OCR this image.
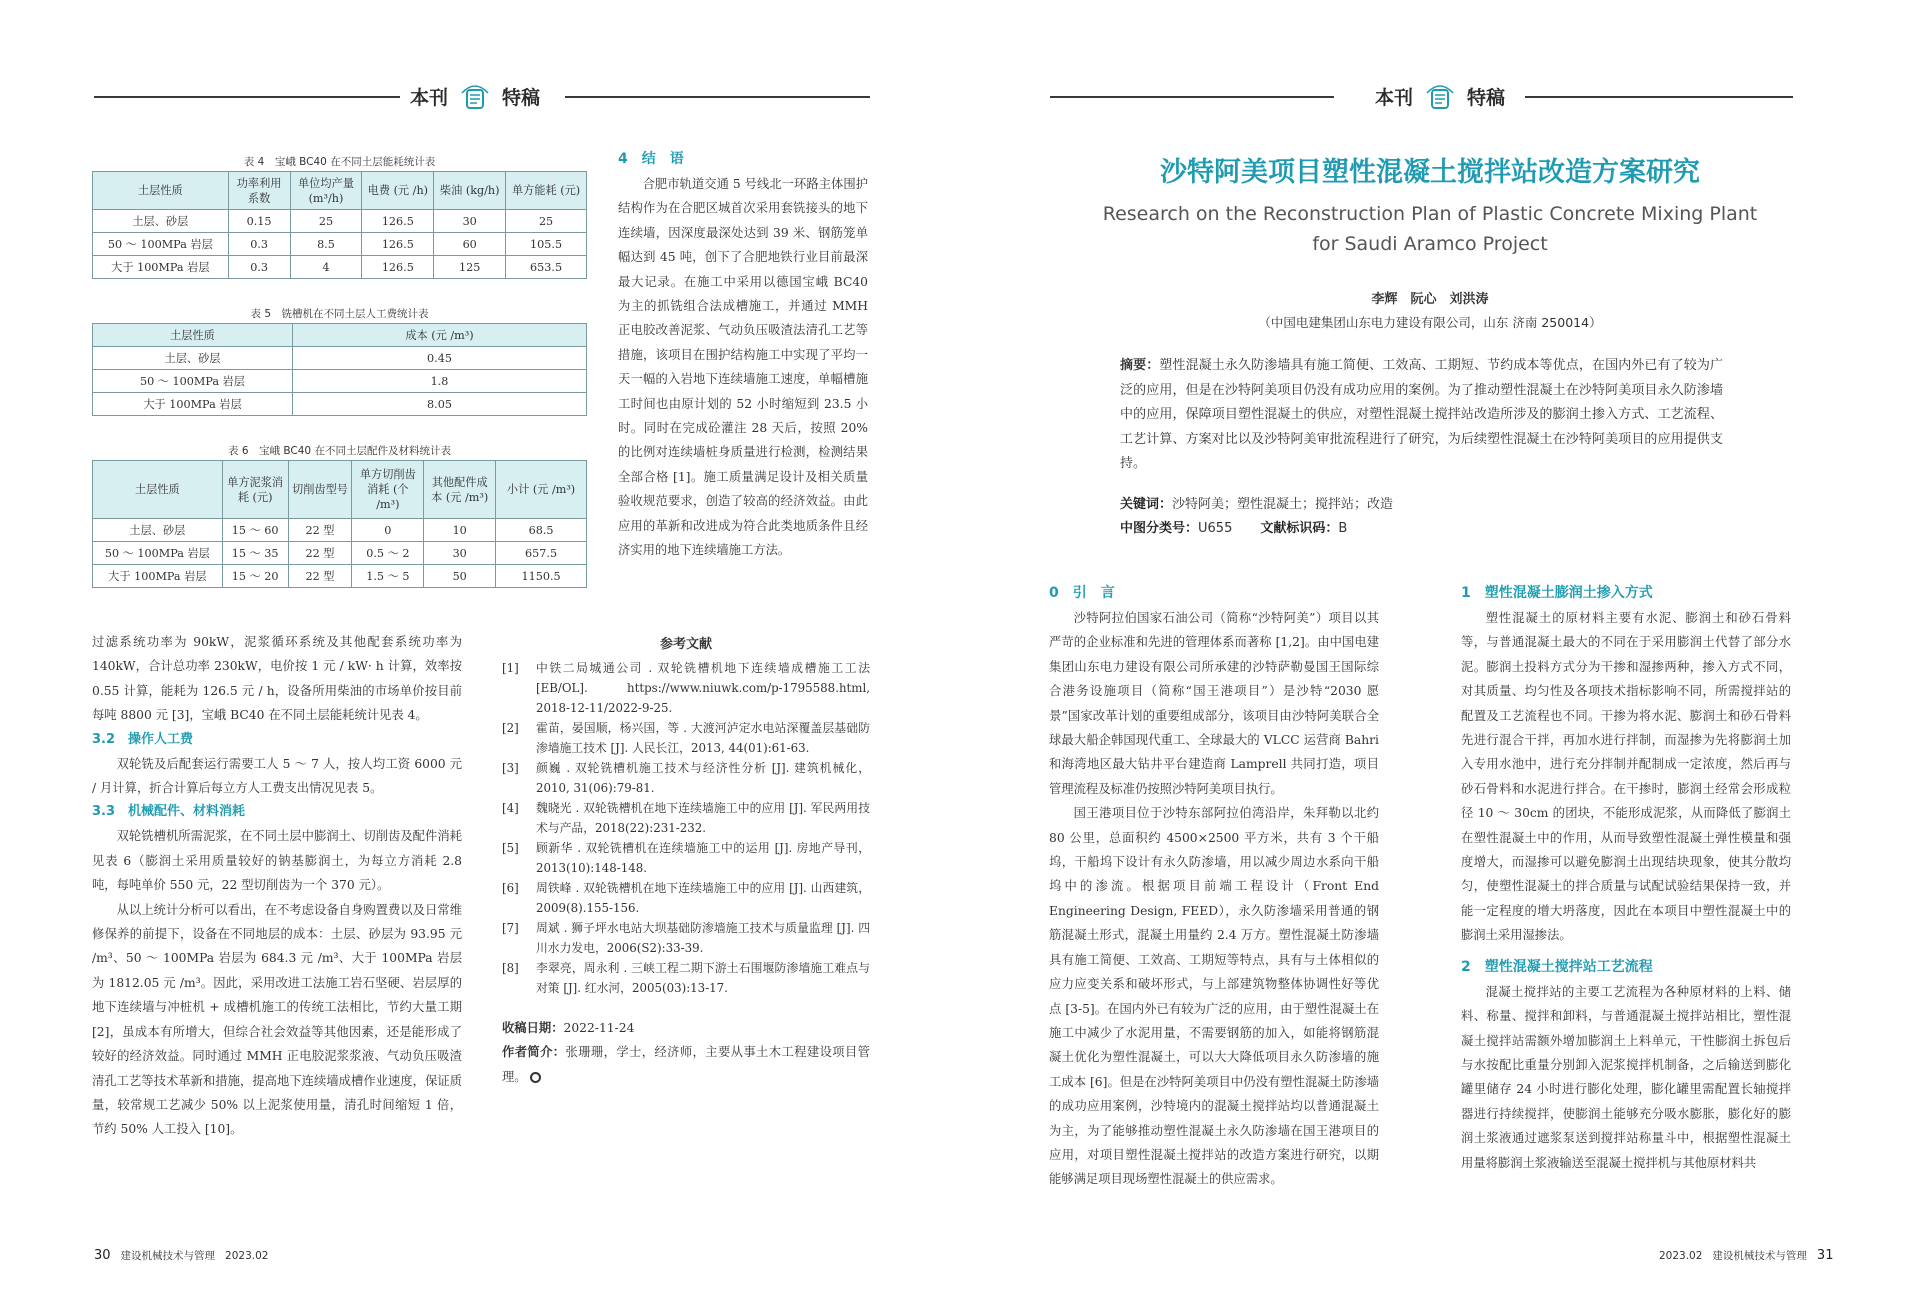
本刊	特稿
表 4　宝峨 BC40 在不同土层能耗统计表
土层性质	功率利用系数	单位均产量 (m³/h)	电费 (元 /h)	柴油 (kg/h)	单方能耗 (元)
土层、砂层	0.15	25	126.5	30	25
50 ～ 100MPa 岩层	0.3	8.5	126.5	60	105.5
大于 100MPa 岩层	0.3	4	126.5	125	653.5
表 5　铣槽机在不同土层人工费统计表
土层性质	成本 (元 /m³)
土层、砂层	0.45
50 ～ 100MPa 岩层	1.8
大于 100MPa 岩层	8.05
表 6　宝峨 BC40 在不同土层配件及材料统计表
土层性质	单方泥浆消耗 (元)	切削齿型号	单方切削齿消耗 (个 /m³)	其他配件成本 (元 /m³)	小计 (元 /m³)
土层、砂层	15 ～ 60	22 型	0	10	68.5
50 ～ 100MPa 岩层	15 ～ 35	22 型	0.5 ～ 2	30	657.5
大于 100MPa 岩层	15 ～ 20	22 型	1.5 ～ 5	50	1150.5

过滤系统功率为 90kW，泥浆循环系统及其他配套系统功率为 140kW，合计总功率 230kW，电价按 1 元 / kW· h 计算，效率按 0.55 计算，能耗为 126.5 元 / h，设备所用柴油的市场单价按目前每吨 8800 元 [3]，宝峨 BC40 在不同土层能耗统计见表 4。

3.2　操作人工费

双轮铣及后配套运行需要工人 5 ～ 7 人，按人均工资 6000 元 / 月计算，折合计算后每立方人工费支出情况见表 5。

3.3　机械配件、材料消耗

双轮铣槽机所需泥浆，在不同土层中膨润土、切削齿及配件消耗见表 6（膨润土采用质量较好的钠基膨润土，为每立方消耗 2.8 吨，每吨单价 550 元，22 型切削齿为一个 370 元）。

从以上统计分析可以看出，在不考虑设备自身购置费以及日常维修保养的前提下，设备在不同地层的成本：土层、砂层为 93.95 元 /m³、50 ～ 100MPa 岩层为 684.3 元 /m³、大于 100MPa 岩层为 1812.05 元 /m³。因此，采用改进工法施工岩石坚硬、岩层厚的地下连续墙与冲桩机 + 成槽机施工的传统工法相比，节约大量工期 [2]，虽成本有所增大，但综合社会效益等其他因素，还是能形成了较好的经济效益。同时通过 MMH 正电胶泥浆浆液、气动负压吸渣清孔工艺等技术革新和措施，提高地下连续墙成槽作业速度，保证质量，较常规工艺减少 50% 以上泥浆使用量，清孔时间缩短 1 倍，节约 50% 人工投入 [10]。

4　结　语

合肥市轨道交通 5 号线北一环路主体围护结构作为在合肥区城首次采用套铣接头的地下连续墙，因深度最深处达到 39 米、钢筋笼单幅达到 45 吨，创下了合肥地铁行业目前最深最大记录。在施工中采用以德国宝峨 BC40 为主的抓铣组合法成槽施工，并通过 MMH 正电胶改善泥浆、气动负压吸渣法清孔工艺等措施，该项目在围护结构施工中实现了平均一天一幅的入岩地下连续墙施工速度，单幅槽施工时间也由原计划的 52 小时缩短到 23.5 小时。同时在完成砼灌注 28 天后，按照 20% 的比例对连续墙桩身质量进行检测，检测结果全部合格 [1]。施工质量满足设计及相关质量验收规范要求，创造了较高的经济效益。由此应用的革新和改进成为符合此类地质条件且经济实用的地下连续墙施工方法。

参考文献
[1]	中铁二局城通公司 . 双轮铣槽机地下连续墙成槽施工工法 [EB/OL]. https://www.niuwk.com/p-1795588.html, 2018-12-11/2022-9-25.
[2]	霍苗，晏国顺，杨兴国，等 . 大渡河泸定水电站深覆盖层基础防渗墙施工技术 [J]. 人民长江，2013, 44(01):61-63.
[3]	颜巍 . 双轮铣槽机施工技术与经济性分析 [J]. 建筑机械化，2010, 31(06):79-81.
[4]	魏晓光 . 双轮铣槽机在地下连续墙施工中的应用 [J]. 军民两用技术与产品，2018(22):231-232.
[5]	顾新华 . 双轮铣槽机在连续墙施工中的运用 [J]. 房地产导刊，2013(10):148-148.
[6]	周铁峰 . 双轮铣槽机在地下连续墙施工中的应用 [J]. 山西建筑，2009(8).155-156.
[7]	周斌 . 狮子坪水电站大坝基础防渗墙施工技术与质量监理 [J]. 四川水力发电，2006(S2):33-39.
[8]	李翠亮，周永利 . 三峡工程二期下游土石围堰防渗墙施工难点与对策 [J]. 红水河，2005(03):13-17.

收稿日期：2022-11-24

作者简介：张珊珊，学士，经济师，主要从事土木工程建设项目管理。

30 建设机械技术与管理 2023.02
本刊	特稿
沙特阿美项目塑性混凝土搅拌站改造方案研究
Research on the Reconstruction Plan of Plastic Concrete Mixing Plant
for Saudi Aramco Project
李辉　阮心　刘洪涛
（中国电建集团山东电力建设有限公司，山东 济南 250014）

摘要：塑性混凝土永久防渗墙具有施工简便、工效高、工期短、节约成本等优点，在国内外已有了较为广泛的应用，但是在沙特阿美项目仍没有成功应用的案例。为了推动塑性混凝土在沙特阿美项目永久防渗墙中的应用，保障项目塑性混凝土的供应，对塑性混凝土搅拌站改造所涉及的膨润土掺入方式、工艺流程、工艺计算、方案对比以及沙特阿美审批流程进行了研究，为后续塑性混凝土在沙特阿美项目的应用提供支持。

关键词：沙特阿美；塑性混凝土；搅拌站；改造

中图分类号：U655 文献标识码：B

0　引　言

沙特阿拉伯国家石油公司（简称“沙特阿美”）项目以其严苛的企业标准和先进的管理体系而著称 [1,2]。由中国电建集团山东电力建设有限公司所承建的沙特萨勒曼国王国际综合港务设施项目（简称“国王港项目”）是沙特“2030 愿景”国家改革计划的重要组成部分，该项目由沙特阿美联合全球最大船企韩国现代重工、全球最大的 VLCC 运营商 Bahri 和海湾地区最大钻井平台建造商 Lamprell 共同打造，项目管理流程及标准仍按照沙特阿美项目执行。

国王港项目位于沙特东部阿拉伯湾沿岸，朱拜勒以北约 80 公里，总面积约 4500×2500 平方米，共有 3 个干船坞，干船坞下设计有永久防渗墙，用以减少周边水系向干船坞中的渗流。根据项目前端工程设计（Front End Engineering Design, FEED），永久防渗墙采用普通的钢筋混凝土形式，混凝土用量约 2.4 万方。塑性混凝土防渗墙具有施工简便、工效高、工期短等特点，具有与土体相似的应力应变关系和破坏形式，与上部建筑物整体协调性好等优点 [3-5]。在国内外已有较为广泛的应用，由于塑性混凝土在施工中减少了水泥用量，不需要钢筋的加入，如能将钢筋混凝土优化为塑性混凝土，可以大大降低项目永久防渗墙的施工成本 [6]。但是在沙特阿美项目中仍没有塑性混凝土防渗墙的成功应用案例，沙特境内的混凝土搅拌站均以普通混凝土为主，为了能够推动塑性混凝土永久防渗墙在国王港项目的应用，对项目塑性混凝土搅拌站的改造方案进行研究，以期能够满足项目现场塑性混凝土的供应需求。

1　塑性混凝土膨润土掺入方式

塑性混凝土的原材料主要有水泥、膨润土和砂石骨料等，与普通混凝土最大的不同在于采用膨润土代替了部分水泥。膨润土投料方式分为干掺和湿掺两种，掺入方式不同，对其质量、均匀性及各项技术指标影响不同，所需搅拌站的配置及工艺流程也不同。干掺为将水泥、膨润土和砂石骨料先进行混合干拌，再加水进行拌制，而湿掺为先将膨润土加入专用水池中，进行充分拌制并配制成一定浓度，然后再与砂石骨料和水泥进行拌合。在干掺时，膨润土经常会形成粒径 10 ～ 30cm 的团块，不能形成泥浆，从而降低了膨润土在塑性混凝土中的作用，从而导致塑性混凝土弹性模量和强度增大，而湿掺可以避免膨润土出现结块现象，使其分散均匀，使塑性混凝土的拌合质量与试配试验结果保持一致，并能一定程度的增大坍落度，因此在本项目中塑性混凝土中的膨润土采用湿掺法。

2　塑性混凝土搅拌站工艺流程

混凝土搅拌站的主要工艺流程为各种原材料的上料、储料、称量、搅拌和卸料，与普通混凝土搅拌站相比，塑性混凝土搅拌站需额外增加膨润土上料单元，干性膨润土拆包后与水按配比重量分别卸入泥浆搅拌机制备，之后输送到膨化罐里储存 24 小时进行膨化处理，膨化罐里需配置长轴搅拌器进行持续搅拌，使膨润土能够充分吸水膨胀，膨化好的膨润土浆液通过遮浆泵送到搅拌站称量斗中，根据塑性混凝土用量将膨润土浆液输送至混凝土搅拌机与其他原材料共

2023.02 建设机械技术与管理 31
